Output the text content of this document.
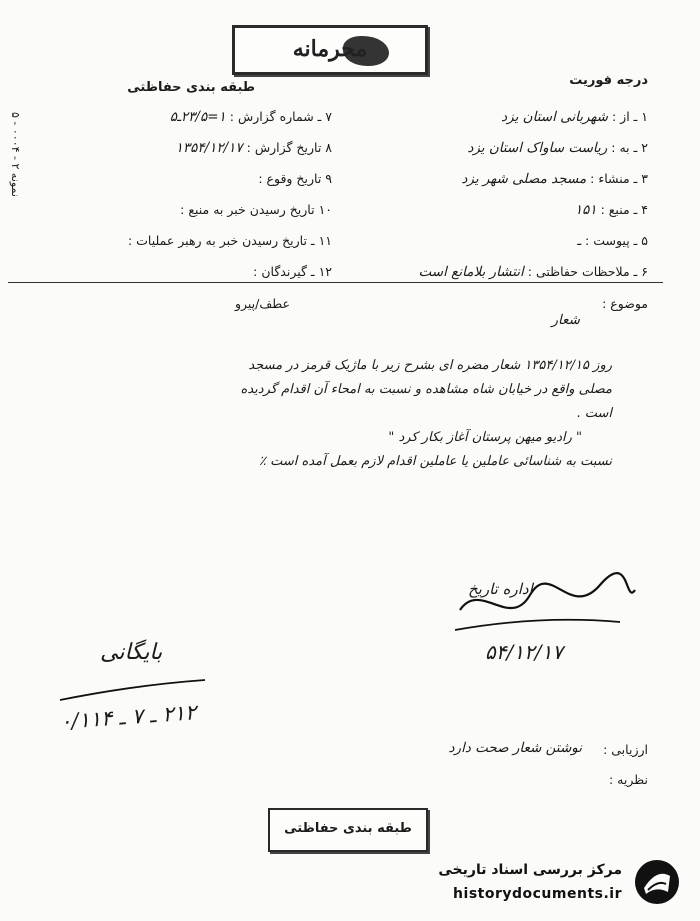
محرمانه
طبقه بندی حفاظتی	درجه فوریت
نمونه ۲ - ۰۰۰۴ - ۵
۱ ـ از : شهربانی استان یزد
۲ ـ به : ریاست ساواک استان یزد
۳ ـ منشاء : مسجد مصلی شهر یزد
۴ ـ منبع : ۱۵۱
۵ ـ پیوست : ـ
۶ ـ ملاحظات حفاظتی : انتشار بلامانع است
۷ ـ شماره گزارش : ۱=۲۳/۵ـ۵
۸ تاریخ گزارش : ۱۳۵۴/۱۲/۱۷
۹ تاریخ وقوع :
۱۰ تاریخ رسیدن خبر به منبع :
۱۱ ـ تاریخ رسیدن خبر به رهبر عملیات :
۱۲ ـ گیرندگان :
عطف/پیرو	موضوع :
شعار
روز ۱۳۵۴/۱۲/۱۵ شعار مضره ای بشرح زیر با ماژیک قرمز در مسجد
مصلی واقع در خیابان شاه مشاهده و نسبت به امحاء آن اقدام گردیده
است .
" رادیو میهن پرستان آغاز بکار کرد "
نسبت به شناسائی عاملین یا عاملین اقدام لازم بعمل آمده است ٪
اداره تاریخ
۵۴/۱۲/۱۷
بایگانی
۲۱۲ ـ ۷ ـ ۰/۱۱۴
ارزیابی :
نوشتن شعار صحت دارد
نظریه :
طبقه بندی حفاظتی
مرکز بررسی اسناد تاریخی
historydocuments.ir
